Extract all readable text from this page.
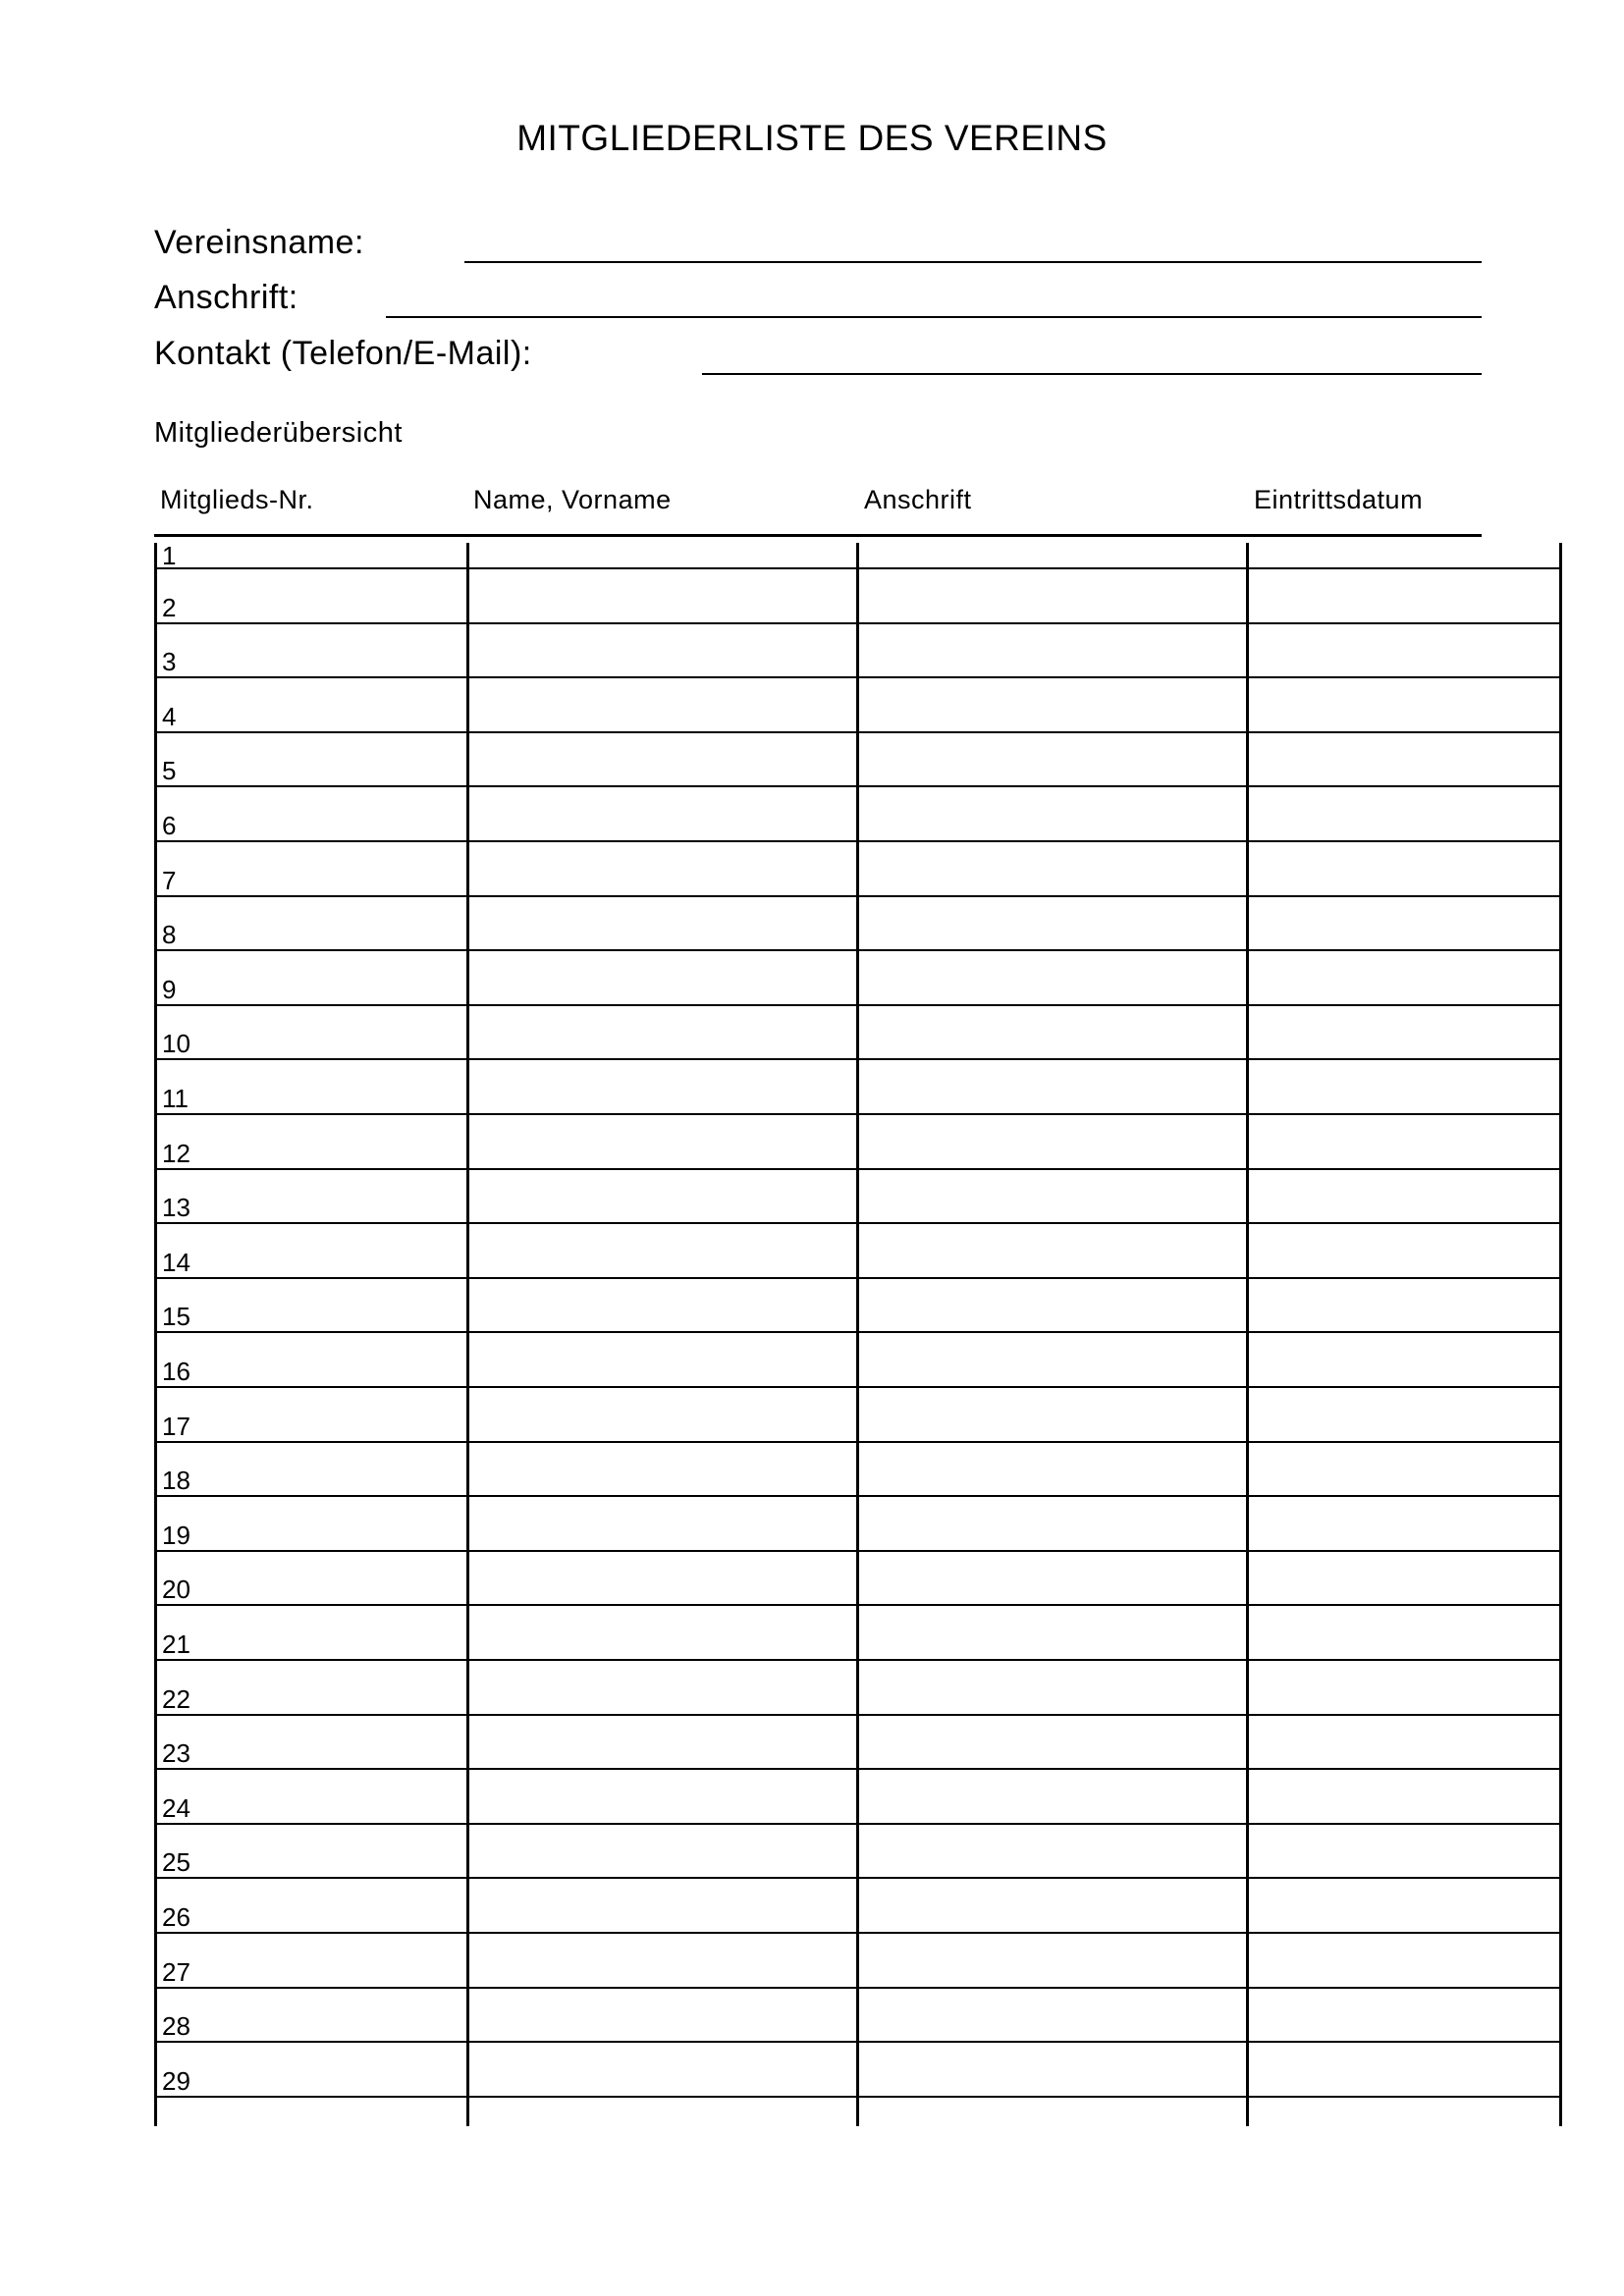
MITGLIEDERLISTE DES VEREINS
Vereinsname:
Anschrift:
Kontakt (Telefon/E-Mail):
Mitgliederübersicht
Mitglieds-Nr.	Name, Vorname	Anschrift	Eintrittsdatum
1
2
3
4
5
6
7
8
9
10
11
12
13
14
15
16
17
18
19
20
21
22
23
24
25
26
27
28
29
